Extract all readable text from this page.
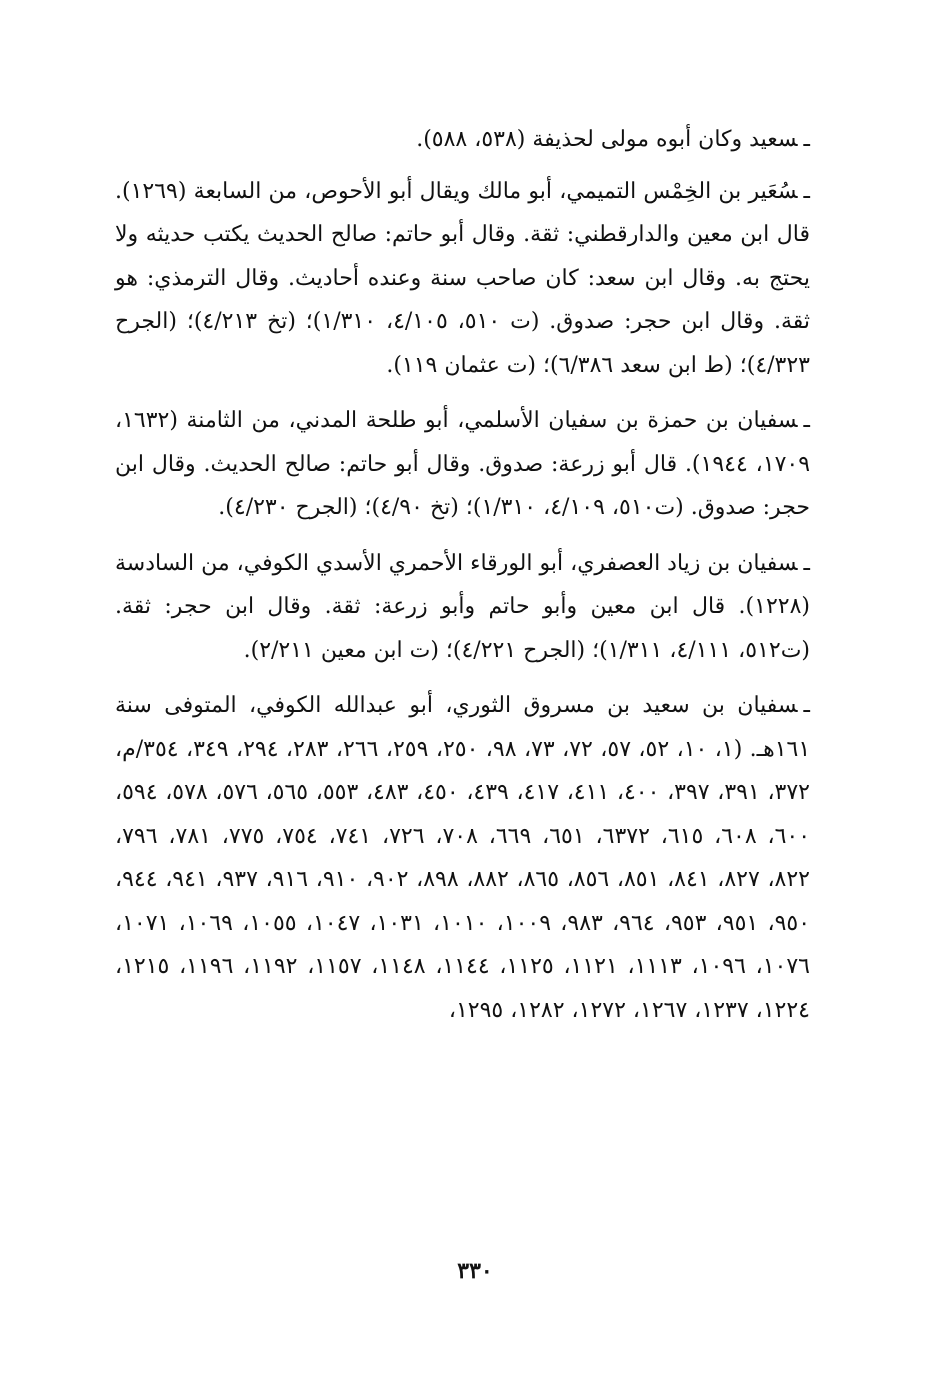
ـسعيد وكان أبوه مولى لحذيفة (٥٣٨، ٥٨٨).

ـسُعَير بن الخِمْس التميمي، أبو مالك ويقال أبو الأحوص، من السابعة (١٢٦٩). قال ابن معين والدارقطني: ثقة. وقال أبو حاتم: صالح الحديث يكتب حديثه ولا يحتج به. وقال ابن سعد: كان صاحب سنة وعنده أحاديث. وقال الترمذي: هو ثقة. وقال ابن حجر: صدوق. (ت ٥١٠، ٤/١٠٥، ١/٣١٠)؛ (تخ ٤/٢١٣)؛ (الجرح ٤/٣٢٣)؛ (ط ابن سعد ٦/٣٨٦)؛ (ت عثمان ١١٩).

ـسفيان بن حمزة بن سفيان الأسلمي، أبو طلحة المدني، من الثامنة (١٦٣٢، ١٧٠٩، ١٩٤٤). قال أبو زرعة: صدوق. وقال أبو حاتم: صالح الحديث. وقال ابن حجر: صدوق. (ت٥١٠، ٤/١٠٩، ١/٣١٠)؛ (تخ ٤/٩٠)؛ (الجرح ٤/٢٣٠).

ـسفيان بن زياد العصفري، أبو الورقاء الأحمري الأسدي الكوفي، من السادسة (١٢٢٨). قال ابن معين وأبو حاتم وأبو زرعة: ثقة. وقال ابن حجر: ثقة. (ت٥١٢، ٤/١١١، ١/٣١١)؛ (الجرح ٤/٢٢١)؛ (ت ابن معين ٢/٢١١).

ـسفيان بن سعيد بن مسروق الثوري، أبو عبدالله الكوفي، المتوفى سنة ١٦١هـ. (١، ١٠، ٥٢، ٥٧، ٧٢، ٧٣، ٩٨، ٢٥٠، ٢٥٩، ٢٦٦، ٢٨٣، ٢٩٤، ٣٤٩، ٣٥٤/م، ٣٧٢، ٣٩١، ٣٩٧، ٤٠٠، ٤١١، ٤١٧، ٤٣٩، ٤٥٠، ٤٨٣، ٥٥٣، ٥٦٥، ٥٧٦، ٥٧٨، ٥٩٤، ٦٠٠، ٦٠٨، ٦١٥، ٦٣٧٢، ٦٥١، ٦٦٩، ٧٠٨، ٧٢٦، ٧٤١، ٧٥٤، ٧٧٥، ٧٨١، ٧٩٦، ٨٢٢، ٨٢٧، ٨٤١، ٨٥١، ٨٥٦، ٨٦٥، ٨٨٢، ٨٩٨، ٩٠٢، ٩١٠، ٩١٦، ٩٣٧، ٩٤١، ٩٤٤، ٩٥٠، ٩٥١، ٩٥٣، ٩٦٤، ٩٨٣، ١٠٠٩، ١٠١٠، ١٠٣١، ١٠٤٧، ١٠٥٥، ١٠٦٩، ١٠٧١، ١٠٧٦، ١٠٩٦، ١١١٣، ١١٢١، ١١٢٥، ١١٤٤، ١١٤٨، ١١٥٧، ١١٩٢، ١١٩٦، ١٢١٥، ١٢٢٤، ١٢٣٧، ١٢٦٧، ١٢٧٢، ١٢٨٢، ١٢٩٥،

٣٣٠
